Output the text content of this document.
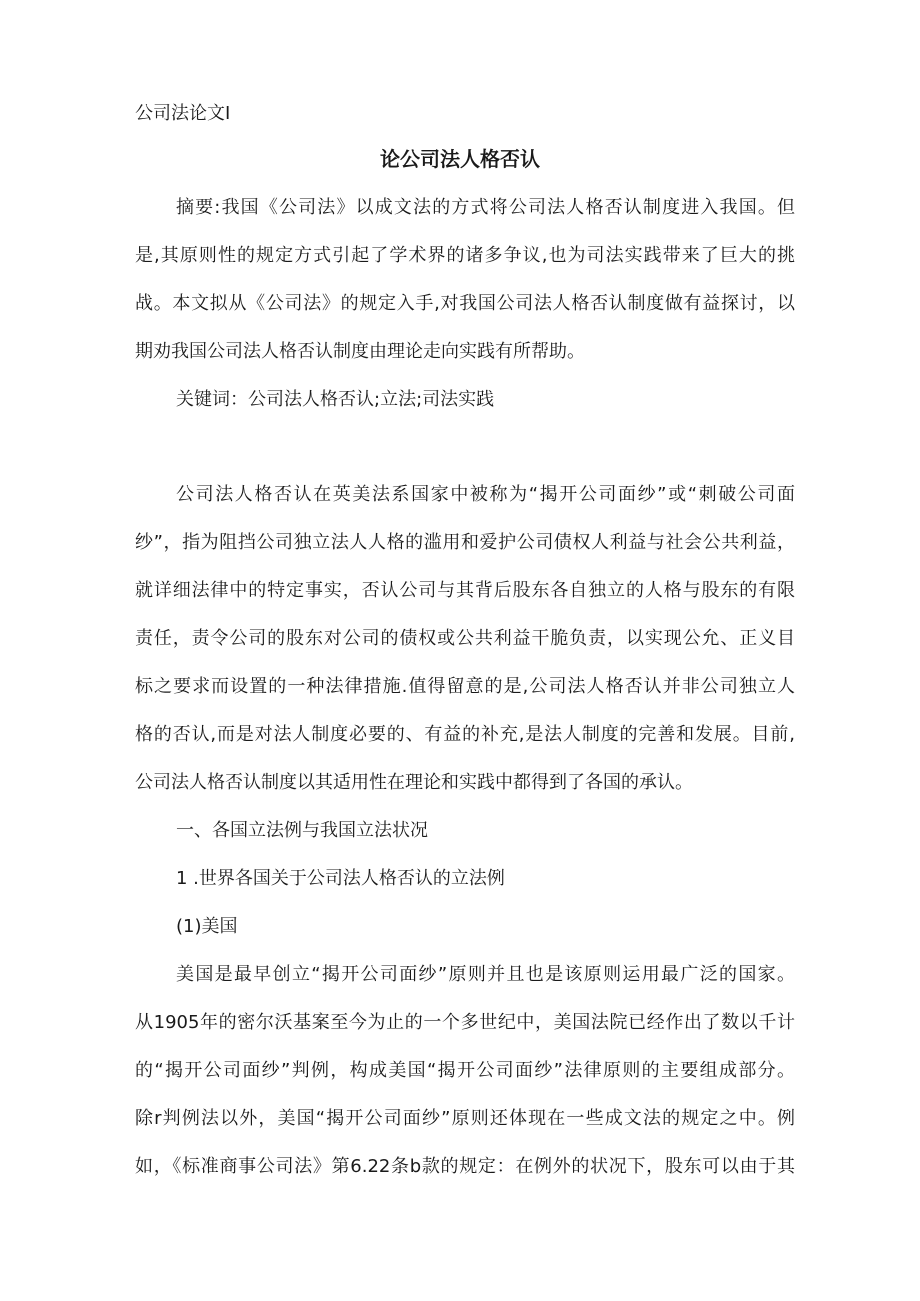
公司法论文I

论公司法人格否认

摘要:我国《公司法》以成文法的方式将公司法人格否认制度进入我国。但

是,其原则性的规定方式引起了学术界的诸多争议,也为司法实践带来了巨大的挑

战。本文拟从《公司法》的规定入手,对我国公司法人格否认制度做有益探讨，以

期劝我国公司法人格否认制度由理论走向实践有所帮助。

关键词：公司法人格否认;立法;司法实践

公司法人格否认在英美法系国家中被称为“揭开公司面纱”或“刺破公司面

纱”，指为阻挡公司独立法人人格的滥用和爱护公司债权人利益与社会公共利益，

就详细法律中的特定事实，否认公司与其背后股东各自独立的人格与股东的有限

责任，责令公司的股东对公司的债权或公共利益干脆负责，以实现公允、正义目

标之要求而设置的一种法律措施.值得留意的是,公司法人格否认并非公司独立人

格的否认,而是对法人制度必要的、有益的补充,是法人制度的完善和发展。目前,

公司法人格否认制度以其适用性在理论和实践中都得到了各国的承认。

一、各国立法例与我国立法状况

1 .世界各国关于公司法人格否认的立法例

(1)美国

美国是最早创立“揭开公司面纱”原则并且也是该原则运用最广泛的国家。

从1905年的密尔沃基案至今为止的一个多世纪中，美国法院已经作出了数以千计

的“揭开公司面纱”判例，构成美国“揭开公司面纱”法律原则的主要组成部分。

除r判例法以外，美国“揭开公司面纱”原则还体现在一些成文法的规定之中。例

如，《标准商事公司法》第6.22条b款的规定：在例外的状况下，股东可以由于其
